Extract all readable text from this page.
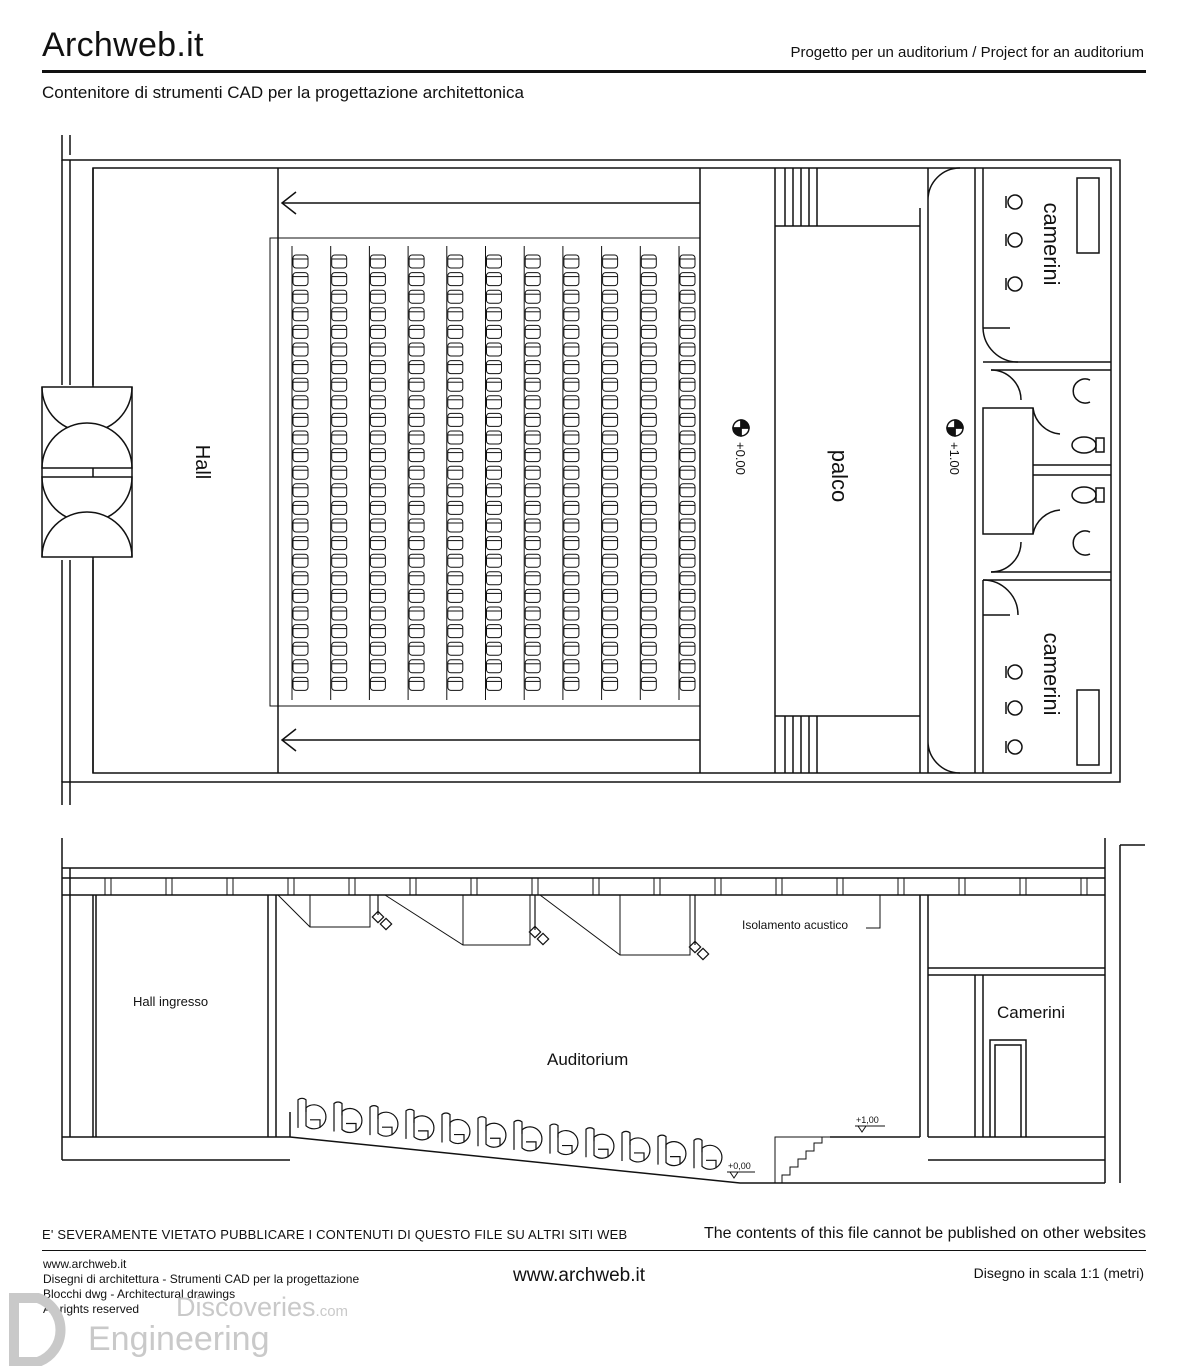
Archweb.it	Progetto per un auditorium / Project for an auditorium
Contenitore di strumenti CAD per la progettazione architettonica
Hall	palco
camerini
camerini
+0.00	+1.00
Hall ingresso
Auditorium
Camerini
Isolamento acustico
+1,00
+0,00
E' SEVERAMENTE VIETATO PUBBLICARE I CONTENUTI DI QUESTO FILE SU ALTRI SITI WEB	The contents of this file cannot be published on other websites
www.archweb.it
Disegni di architettura - Strumenti CAD per la progettazione
Blocchi dwg - Architectural drawings
All rights reserved
www.archweb.it	Disegno in scala 1:1 (metri)
Discoveries.com
Engineering
